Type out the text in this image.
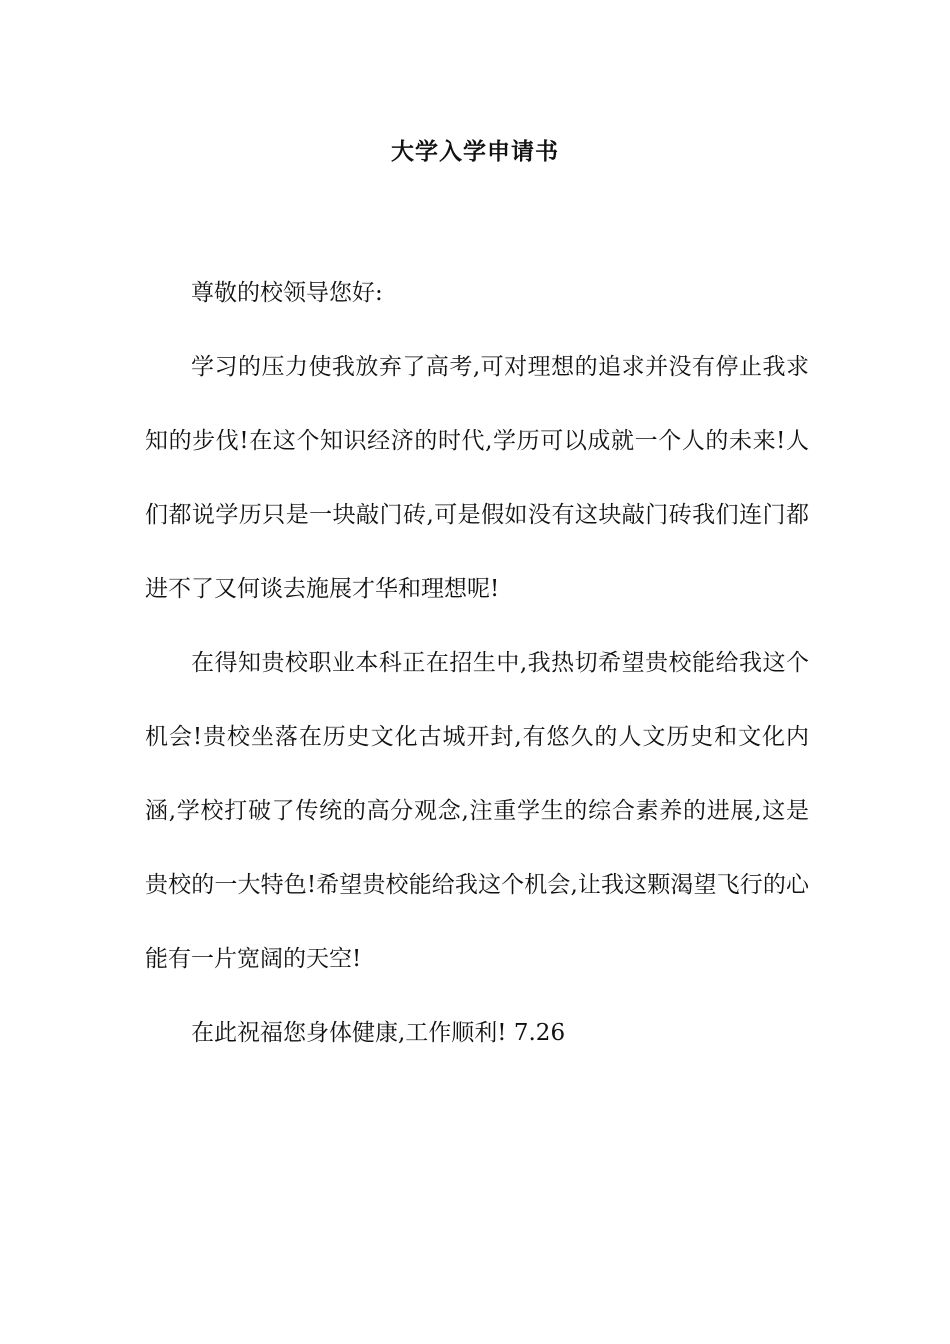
大学入学申请书

尊敬的校领导您好:

学习的压力使我放弃了高考,可对理想的追求并没有停止我求知的步伐!在这个知识经济的时代,学历可以成就一个人的未来!人们都说学历只是一块敲门砖,可是假如没有这块敲门砖我们连门都进不了又何谈去施展才华和理想呢!

在得知贵校职业本科正在招生中,我热切希望贵校能给我这个机会!贵校坐落在历史文化古城开封,有悠久的人文历史和文化内涵,学校打破了传统的高分观念,注重学生的综合素养的进展,这是贵校的一大特色!希望贵校能给我这个机会,让我这颗渴望飞行的心能有一片宽阔的天空!

在此祝福您身体健康,工作顺利! 7.26
